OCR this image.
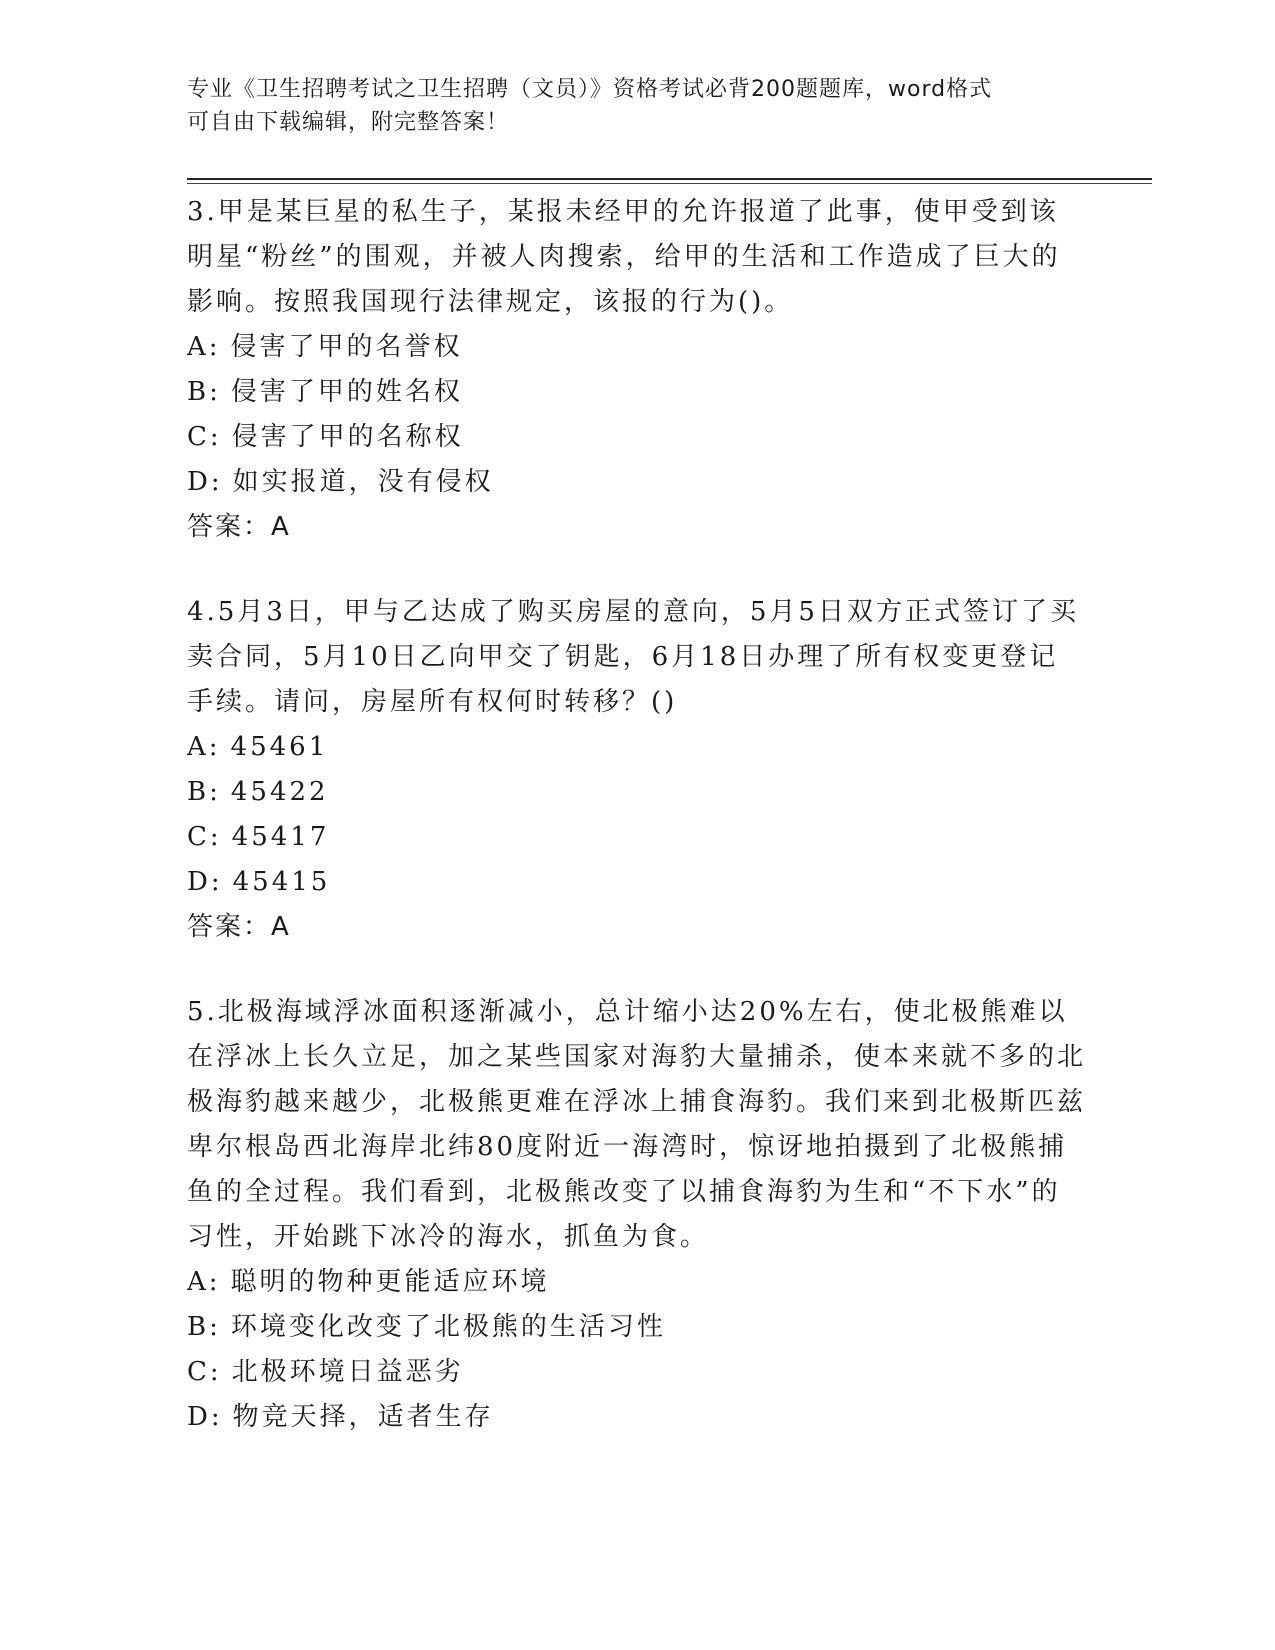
专业《卫生招聘考试之卫生招聘（文员）》资格考试必背200题题库，word格式
可自由下载编辑，附完整答案！

3.甲是某巨星的私生子，某报未经甲的允许报道了此事，使甲受到该明星“粉丝”的围观，并被人肉搜索，给甲的生活和工作造成了巨大的影响。按照我国现行法律规定，该报的行为()。

A: 侵害了甲的名誉权

B: 侵害了甲的姓名权

C: 侵害了甲的名称权

D: 如实报道，没有侵权

答案：A

4.5月3日，甲与乙达成了购买房屋的意向，5月5日双方正式签订了买卖合同，5月10日乙向甲交了钥匙，6月18日办理了所有权变更登记手续。请问，房屋所有权何时转移？()

A: 45461

B: 45422

C: 45417

D: 45415

答案：A

5.北极海域浮冰面积逐渐减小，总计缩小达20%左右，使北极熊难以在浮冰上长久立足，加之某些国家对海豹大量捕杀，使本来就不多的北极海豹越来越少，北极熊更难在浮冰上捕食海豹。我们来到北极斯匹兹卑尔根岛西北海岸北纬80度附近一海湾时，惊讶地拍摄到了北极熊捕鱼的全过程。我们看到，北极熊改变了以捕食海豹为生和“不下水”的习性，开始跳下冰冷的海水，抓鱼为食。

A: 聪明的物种更能适应环境

B: 环境变化改变了北极熊的生活习性

C: 北极环境日益恶劣

D: 物竞天择，适者生存
